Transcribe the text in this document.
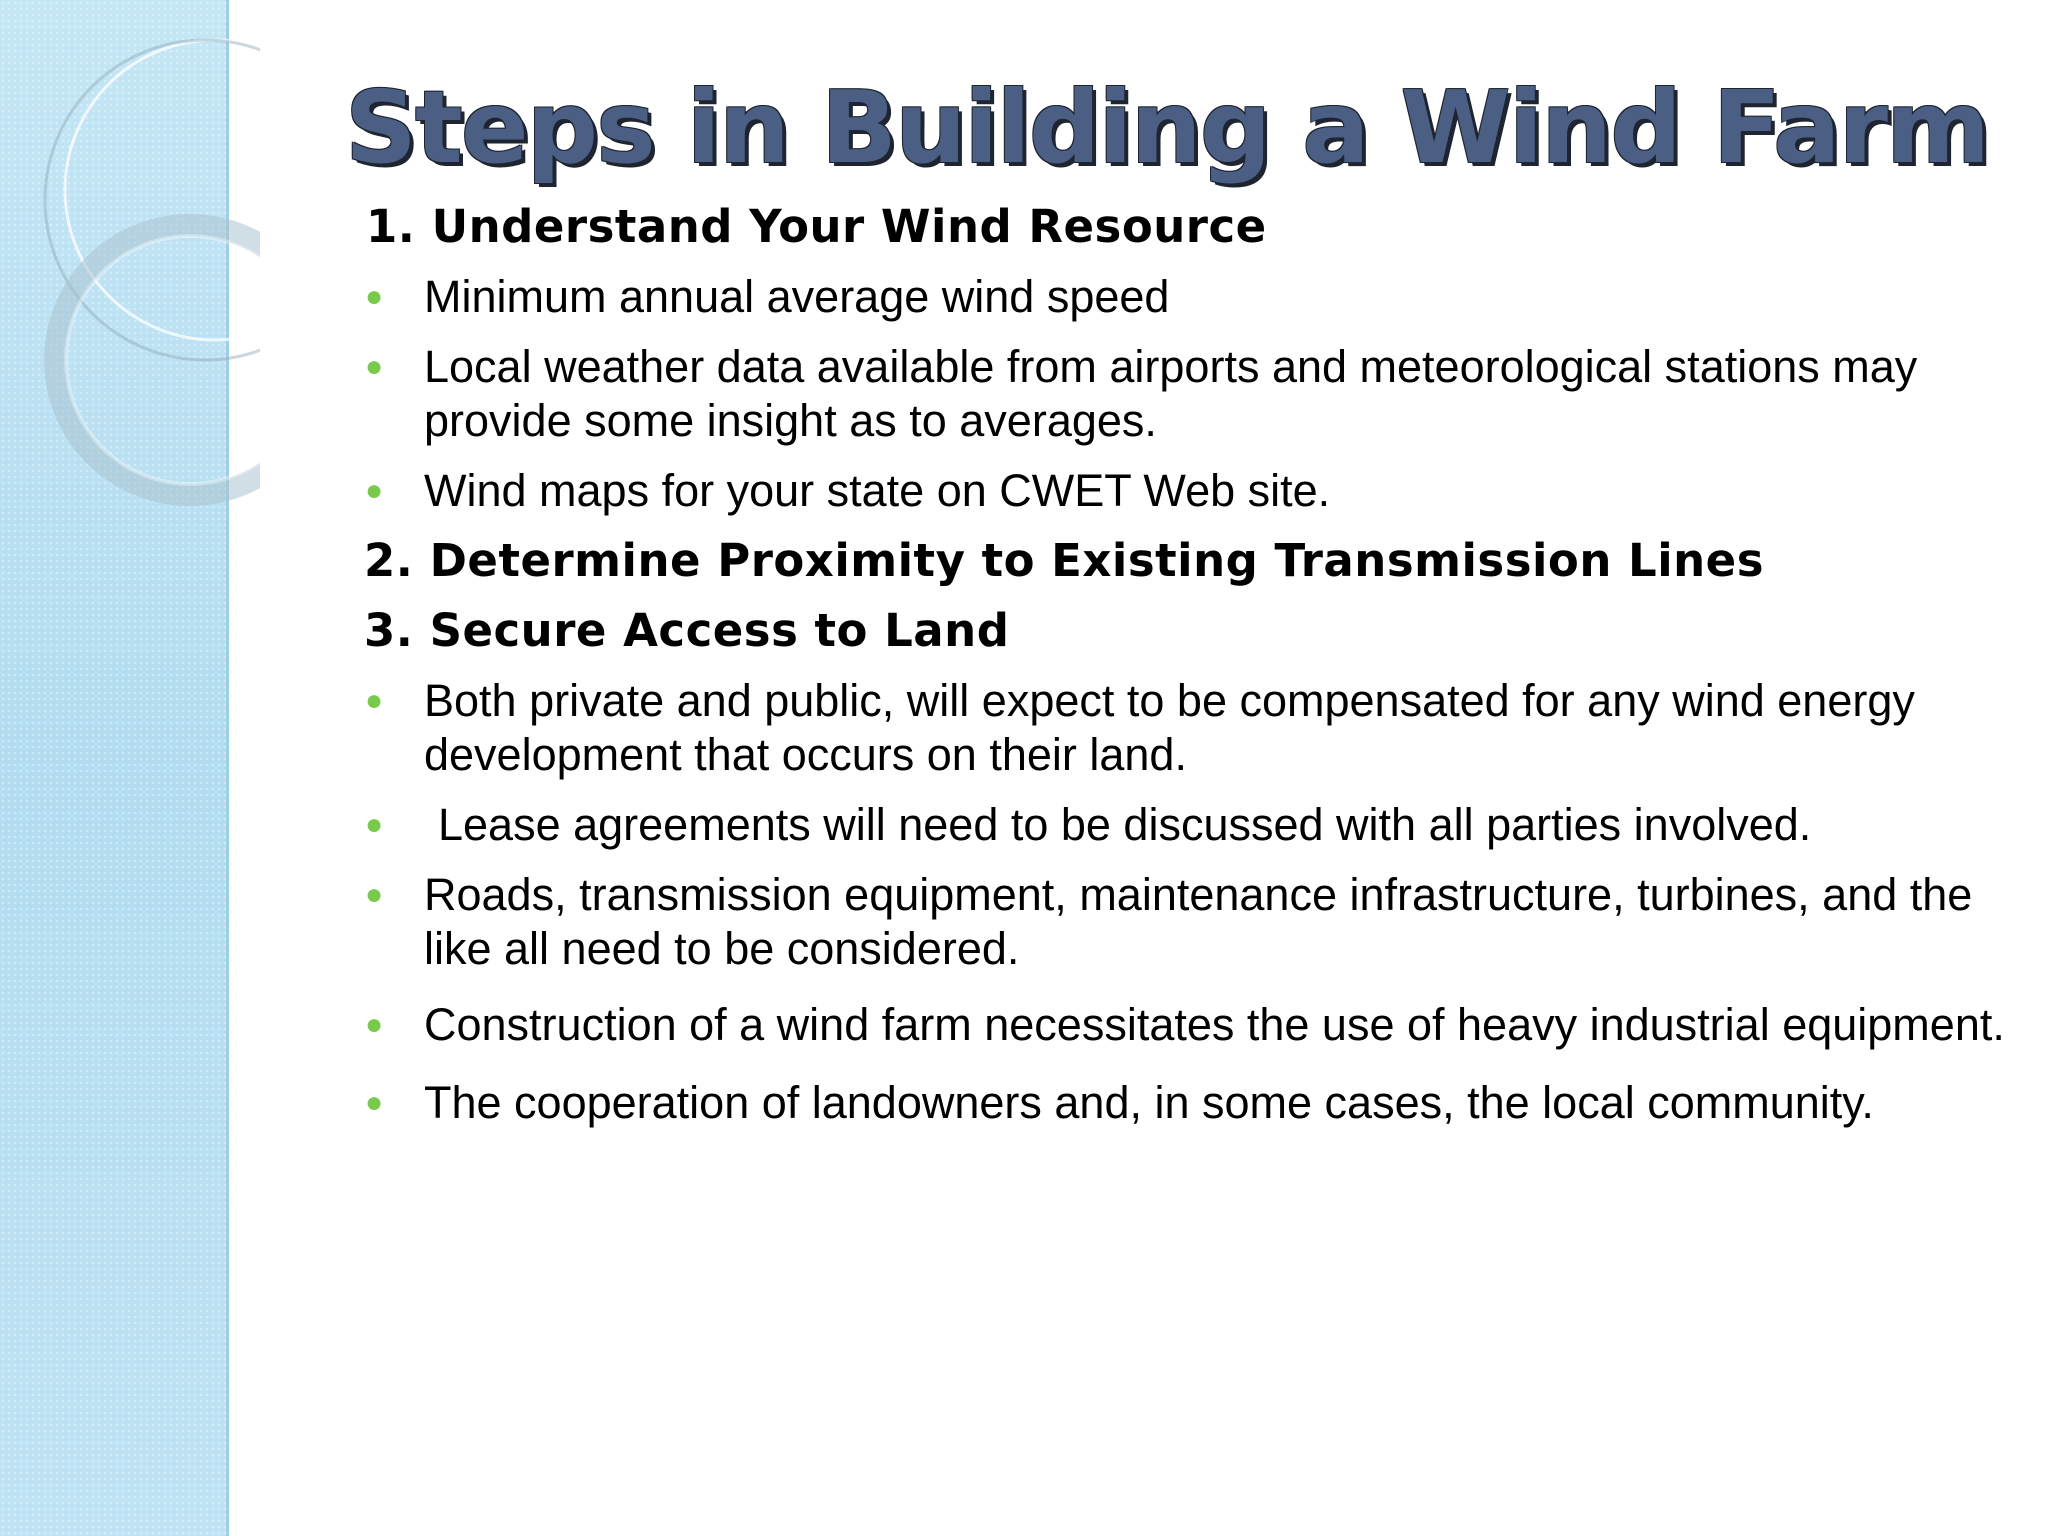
Steps in Building a Wind Farm
1. Understand Your Wind Resource
● Minimum annual average wind speed
● Local weather data available from airports and meteorological stations may provide some insight as to averages.
● Wind maps for your state on CWET Web site.
2. Determine Proximity to Existing Transmission Lines
3. Secure Access to Land
● Both private and public, will expect to be compensated for any wind energy development that occurs on their land.
● Lease agreements will need to be discussed with all parties involved.
● Roads, transmission equipment, maintenance infrastructure, turbines, and the like all need to be considered.
● Construction of a wind farm necessitates the use of heavy industrial equipment.
● The cooperation of landowners and, in some cases, the local community.
